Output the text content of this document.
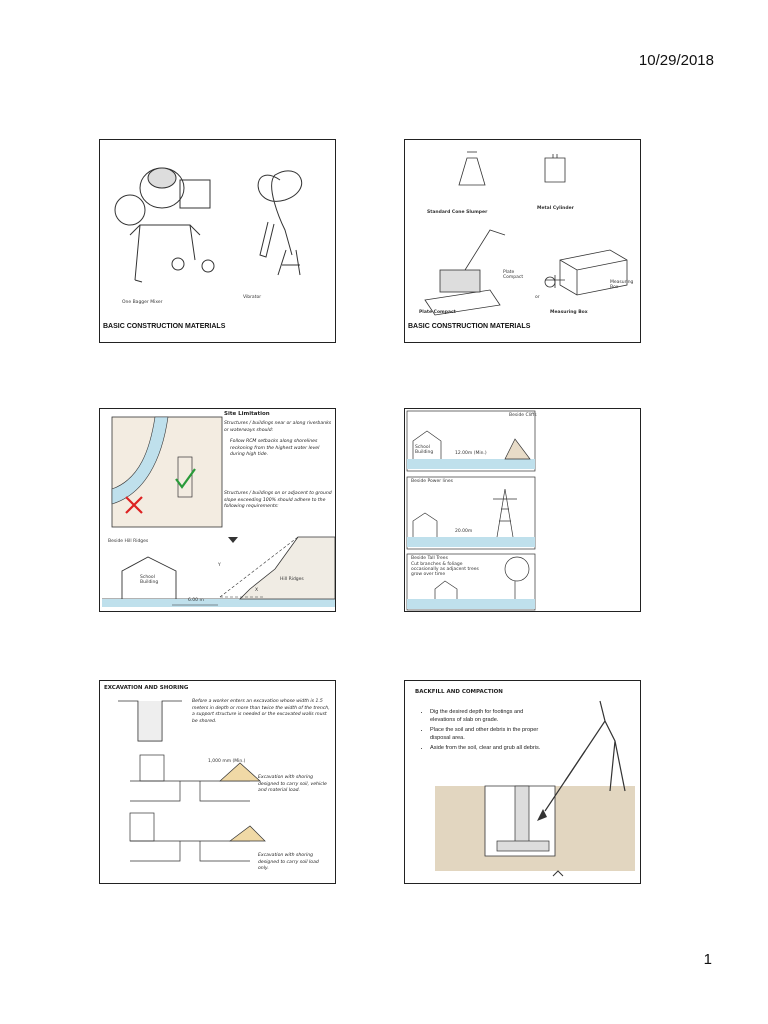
10/29/2018
One Bagger Mixer
Vibrator
BASIC CONSTRUCTION MATERIALS
Standard Cone Slumper
Metal Cylinder
Plate Compact
Measuring Box
or
Plate Compact	Measuring Box
BASIC CONSTRUCTION MATERIALS
Site Limitation
Structures / buildings near or along riverbanks or waterways should:
Follow RCM setbacks along shorelines reckoning from the highest water level during high tide.
Structures / buildings on or adjacent to ground slope exceeding 100% should adhere to the following requirements:
Beside Hill Ridges
School Building
Hill Ridges
Y
X
6.00 m
Beside Cliffs
School Building	12.00m (Min.)
Beside Power lines
20.00m
Beside Tall Trees
Cut branches & foliage occasionally as adjacent trees grow over time
EXCAVATION AND SHORING
Before a worker enters an excavation whose width is 1.5 meters in depth or more than twice the width of the trench, a support structure is needed or the excavated walls must be shored.
1,000 mm (Min.)
Excavation with shoring designed to carry soil, vehicle and material load.
Excavation with shoring designed to carry soil load only.
BACKFILL AND COMPACTION
• Dig the desired depth for footings and elevations of slab on grade.
• Place the soil and other debris in the proper disposal area.
• Aside from the soil, clear and grub all debris.
1
